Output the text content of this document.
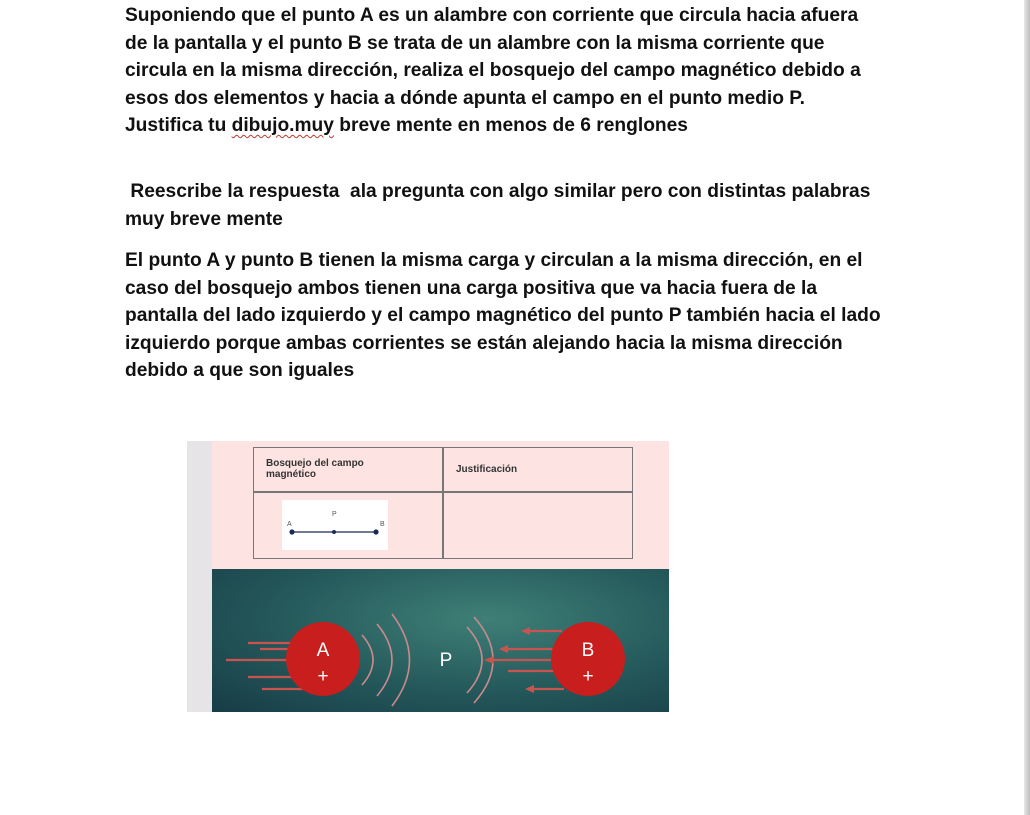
Suponiendo que el punto A es un alambre con corriente que circula hacia afuera de la pantalla y el punto B se trata de un alambre con la misma corriente que circula en la misma dirección, realiza el bosquejo del campo magnético debido a esos dos elementos y hacia a dónde apunta el campo en el punto medio P. Justifica tu dibujo.muy breve mente en menos de 6 renglones

Reescribe la respuesta  ala pregunta con algo similar pero con distintas palabras muy breve mente

El punto A y punto B tienen la misma carga y circulan a la misma dirección, en el caso del bosquejo ambos tienen una carga positiva que va hacia fuera de la pantalla del lado izquierdo y el campo magnético del punto P también hacia el lado izquierdo porque ambas corrientes se están alejando hacia la misma dirección debido a que son iguales

Bosquejo del campo magnético	Justificación
A
P
B
A
+
P	B
+
